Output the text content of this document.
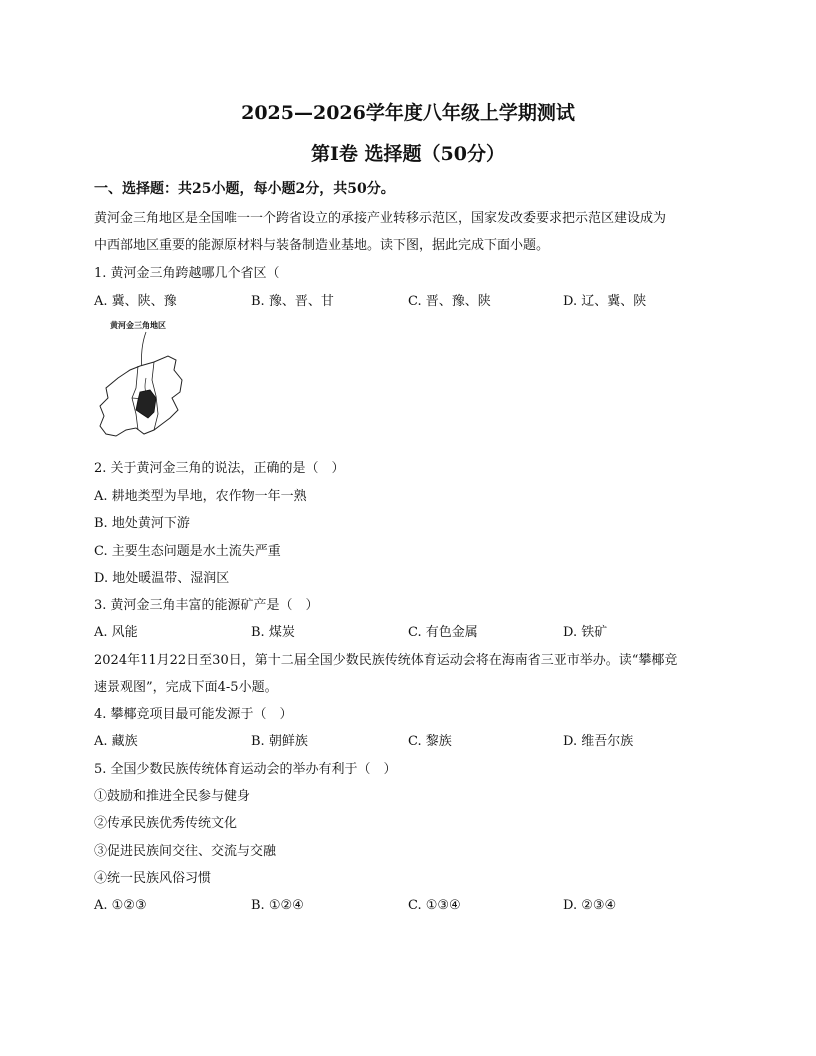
2025—2026学年度八年级上学期测试
第Ⅰ卷 选择题（50分）
一、选择题：共25小题，每小题2分，共50分。
黄河金三角地区是全国唯一一个跨省设立的承接产业转移示范区，国家发改委要求把示范区建设成为
中西部地区重要的能源原材料与装备制造业基地。读下图，据此完成下面小题。
1. 黄河金三角跨越哪几个省区（
A. 冀、陕、豫	B. 豫、晋、甘	C. 晋、豫、陕	D. 辽、冀、陕
黄河金三角地区
2. 关于黄河金三角的说法，正确的是（　）
A. 耕地类型为旱地，农作物一年一熟
B. 地处黄河下游
C. 主要生态问题是水土流失严重
D. 地处暖温带、湿润区
3. 黄河金三角丰富的能源矿产是（　）
A. 风能	B. 煤炭	C. 有色金属	D. 铁矿
2024年11月22日至30日，第十二届全国少数民族传统体育运动会将在海南省三亚市举办。读“攀椰竞
速景观图”，完成下面4-5小题。
4. 攀椰竞项目最可能发源于（　）
A. 藏族	B. 朝鲜族	C. 黎族	D. 维吾尔族
5. 全国少数民族传统体育运动会的举办有利于（　）
①鼓励和推进全民参与健身
②传承民族优秀传统文化
③促进民族间交往、交流与交融
④统一民族风俗习惯
A. ①②③	B. ①②④	C. ①③④	D. ②③④
